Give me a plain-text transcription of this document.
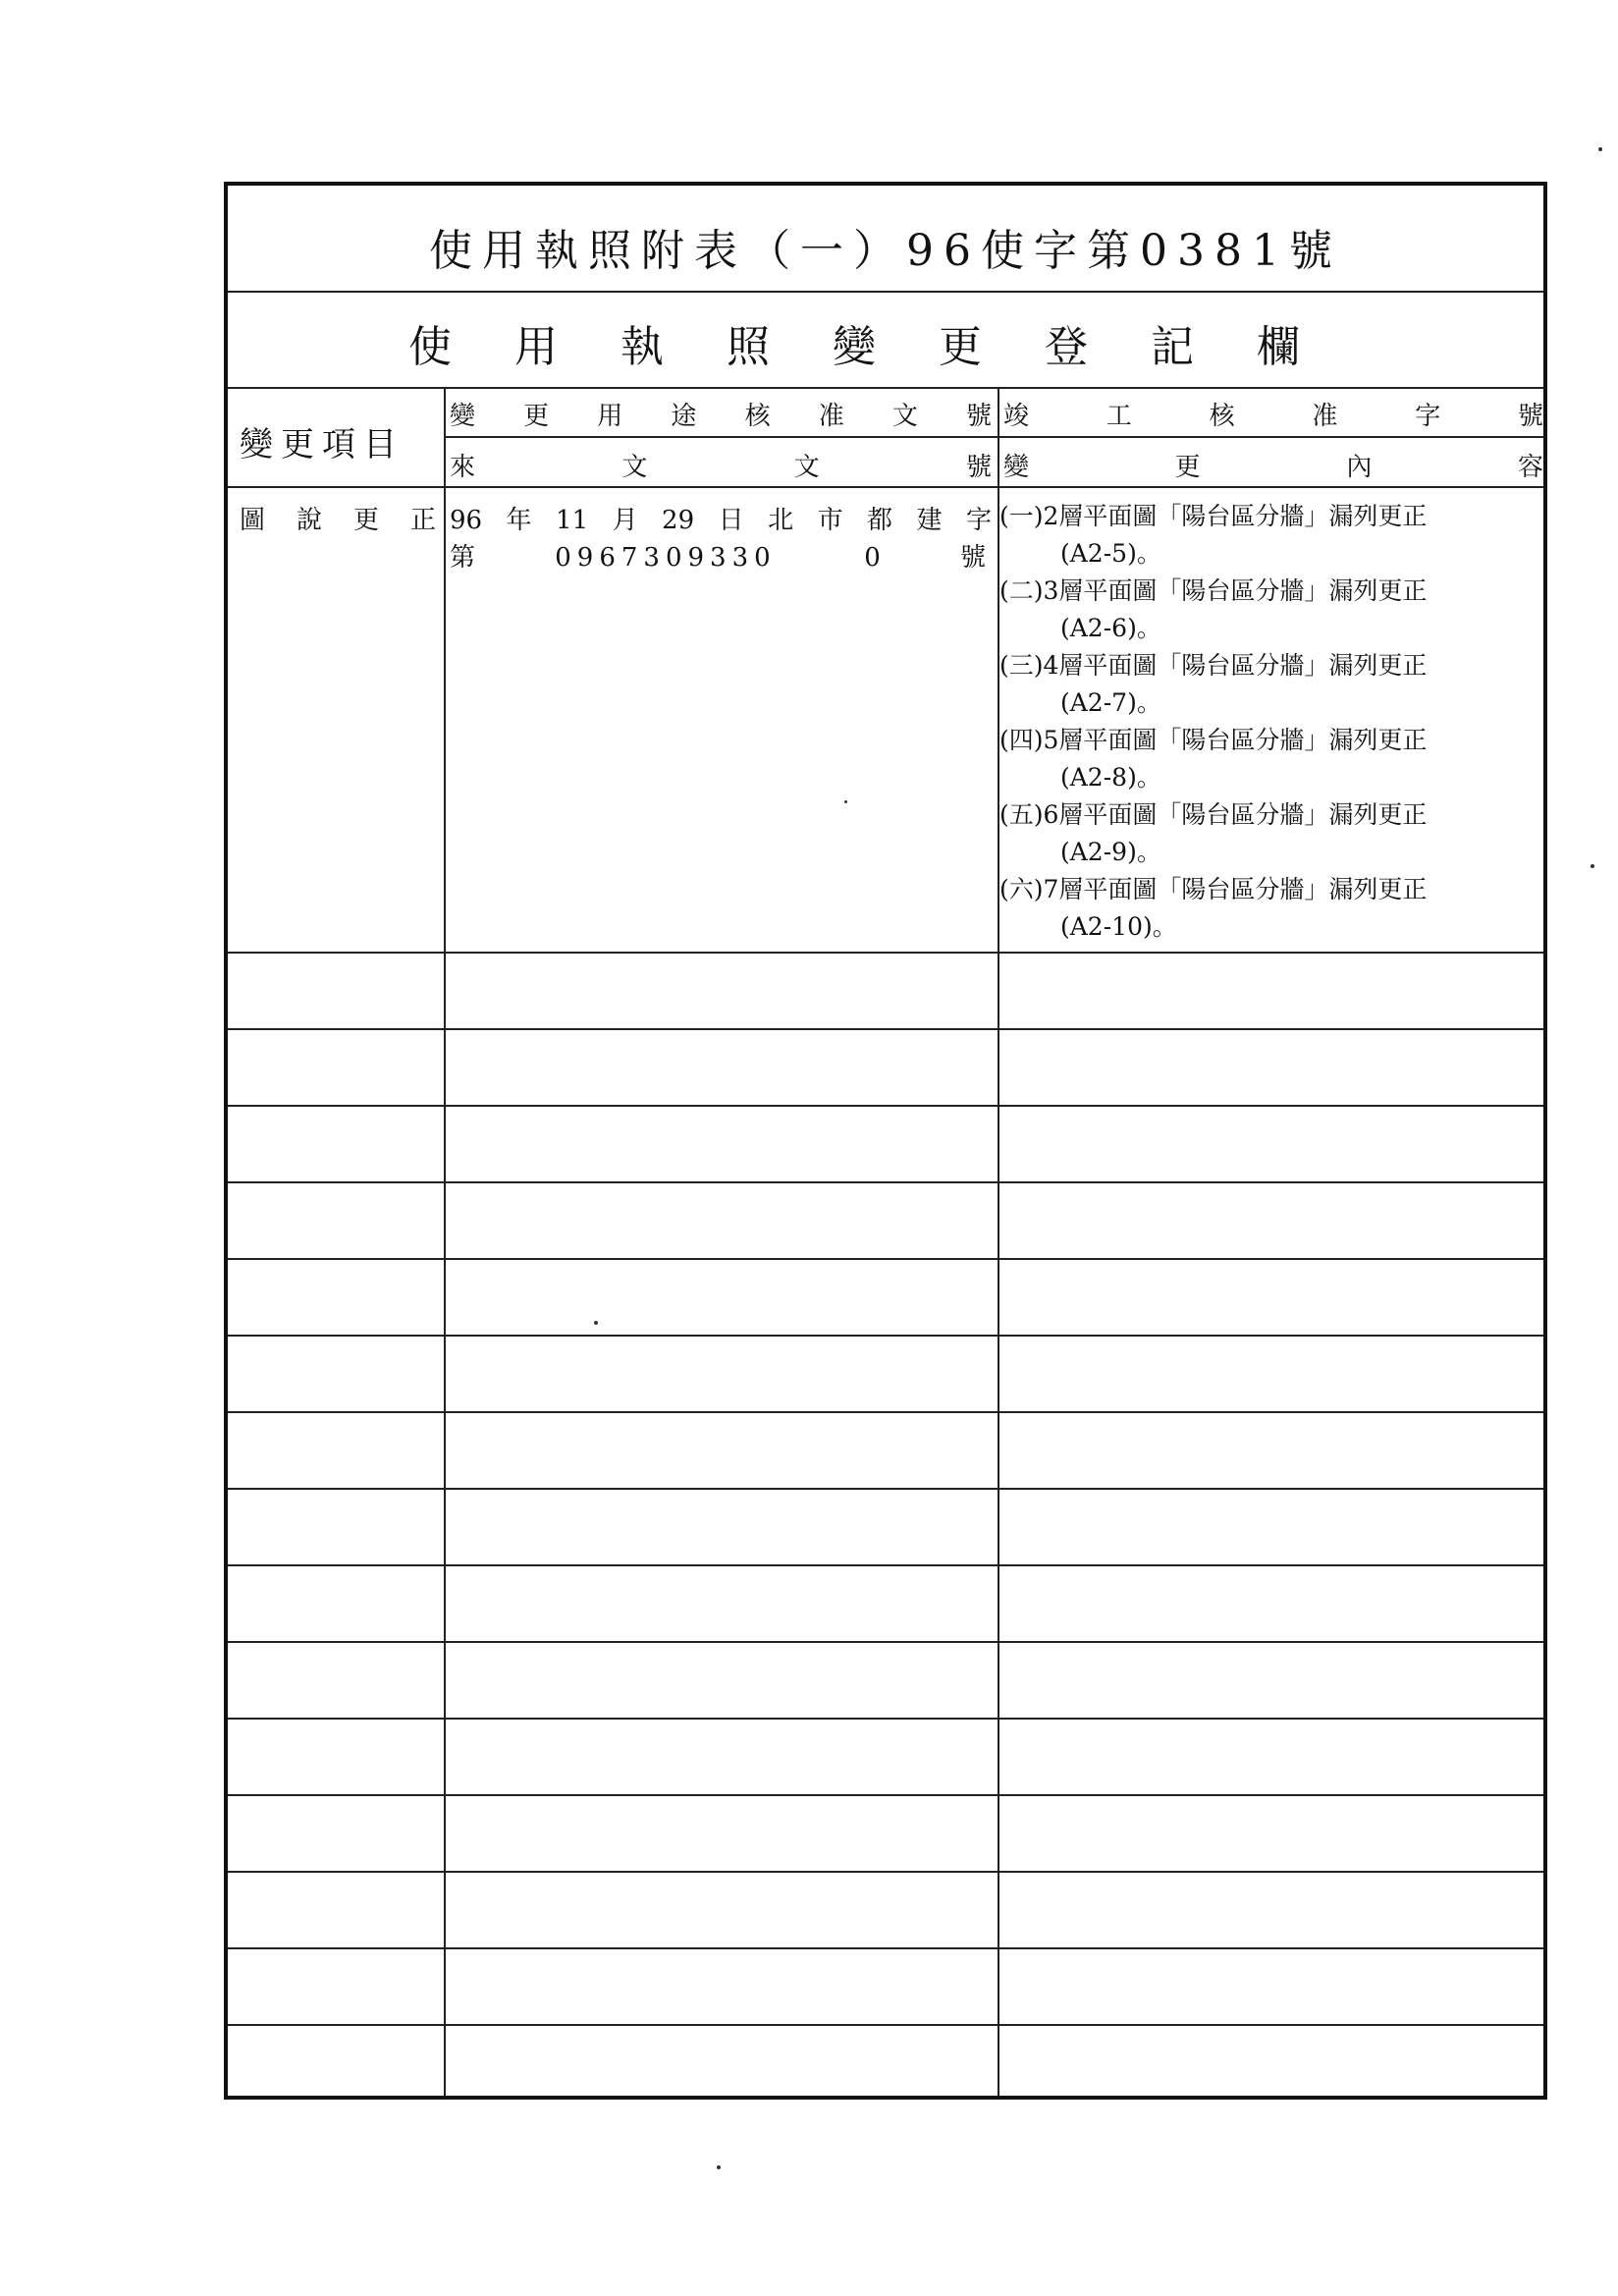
使用執照附表（一）96使字第0381號
使用執照變更登記欄
變更項目
變更用途核准文號
來文文號
竣工核准字號
變更內容
圖說更正 96年11月29日北市都建字
第0967309330 0號
(一)2層平面圖「陽台區分牆」漏列更正
(A2-5)。
(二)3層平面圖「陽台區分牆」漏列更正
(A2-6)。
(三)4層平面圖「陽台區分牆」漏列更正
(A2-7)。
(四)5層平面圖「陽台區分牆」漏列更正
(A2-8)。
(五)6層平面圖「陽台區分牆」漏列更正
(A2-9)。
(六)7層平面圖「陽台區分牆」漏列更正
(A2-10)。
